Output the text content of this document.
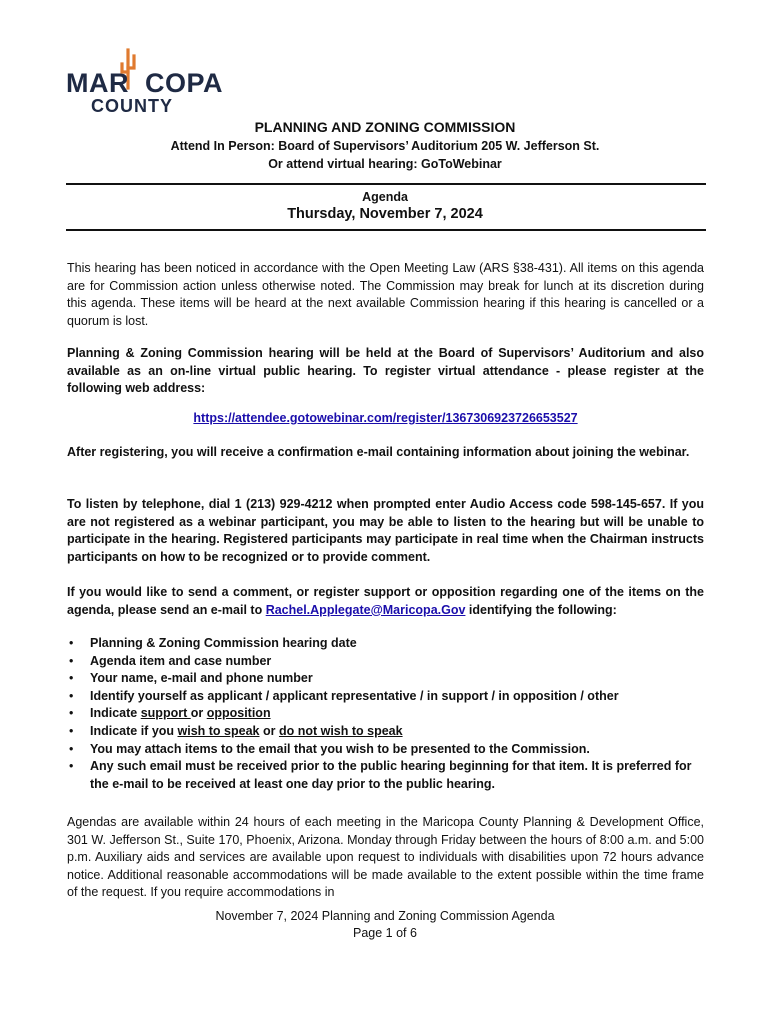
MAR COPA
COUNTY
PLANNING AND ZONING COMMISSION
Attend In Person: Board of Supervisors’ Auditorium 205 W. Jefferson St.
Or attend virtual hearing: GoToWebinar
Agenda
Thursday, November 7, 2024

This hearing has been noticed in accordance with the Open Meeting Law (ARS §38-431). All items on this agenda are for Commission action unless otherwise noted. The Commission may break for lunch at its discretion during this agenda. These items will be heard at the next available Commission hearing if this hearing is cancelled or a quorum is lost.

Planning & Zoning Commission hearing will be held at the Board of Supervisors’ Auditorium and also available as an on-line virtual public hearing. To register virtual attendance - please register at the following web address:

https://attendee.gotowebinar.com/register/1367306923726653527

After registering, you will receive a confirmation e-mail containing information about joining the webinar.

To listen by telephone, dial 1 (213) 929-4212 when prompted enter Audio Access code 598-145-657. If you are not registered as a webinar participant, you may be able to listen to the hearing but will be unable to participate in the hearing. Registered participants may participate in real time when the Chairman instructs participants on how to be recognized or to provide comment.

If you would like to send a comment, or register support or opposition regarding one of the items on the agenda, please send an e-mail to Rachel.Applegate@Maricopa.Gov identifying the following:

• Planning & Zoning Commission hearing date
• Agenda item and case number
• Your name, e-mail and phone number
• Identify yourself as applicant / applicant representative / in support / in opposition / other
• Indicate support or opposition
• Indicate if you wish to speak or do not wish to speak
• You may attach items to the email that you wish to be presented to the Commission.
• Any such email must be received prior to the public hearing beginning for that item. It is preferred for the e-mail to be received at least one day prior to the public hearing.

Agendas are available within 24 hours of each meeting in the Maricopa County Planning & Development Office, 301 W. Jefferson St., Suite 170, Phoenix, Arizona. Monday through Friday between the hours of 8:00 a.m. and 5:00 p.m. Auxiliary aids and services are available upon request to individuals with disabilities upon 72 hours advance notice. Additional reasonable accommodations will be made available to the extent possible within the time frame of the request. If you require accommodations in

November 7, 2024 Planning and Zoning Commission Agenda
Page 1 of 6
